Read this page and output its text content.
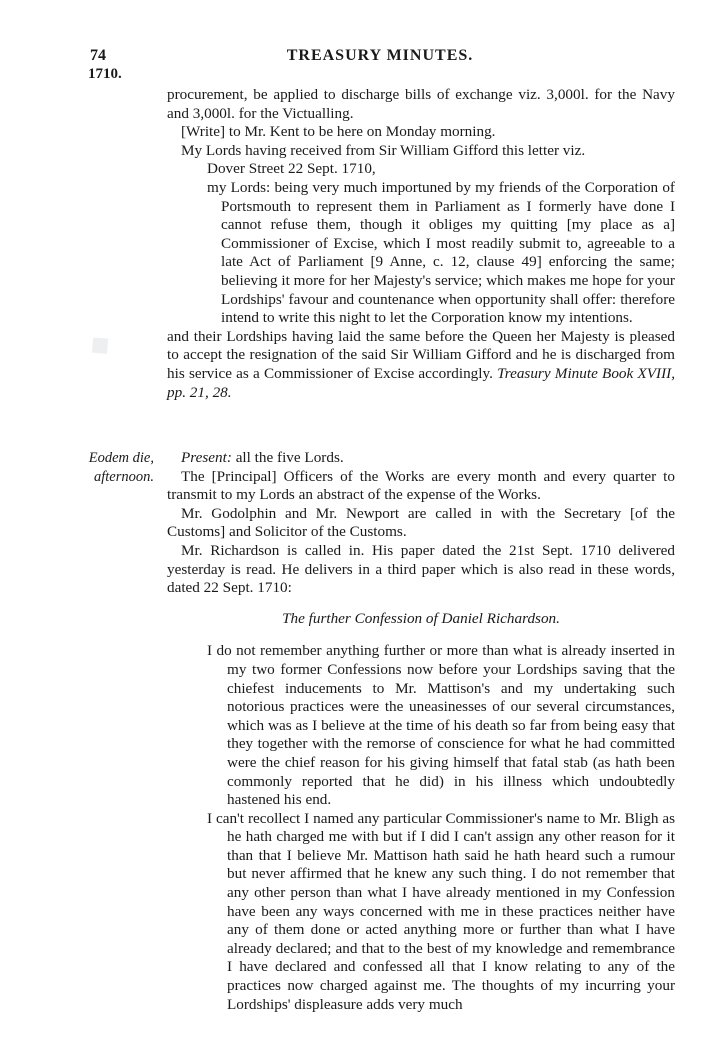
◆
74	TREASURY MINUTES.
1710.

procurement, be applied to discharge bills of exchange viz. 3,000l. for the Navy and 3,000l. for the Victualling.

[Write] to Mr. Kent to be here on Monday morning.

My Lords having received from Sir William Gifford this letter viz.

Dover Street 22 Sept. 1710,

my Lords: being very much importuned by my friends of the Corporation of Portsmouth to represent them in Parliament as I formerly have done I cannot refuse them, though it obliges my quitting [my place as a] Commissioner of Excise, which I most readily submit to, agreeable to a late Act of Parliament [9 Anne, c. 12, clause 49] enforcing the same; believing it more for her Majesty's service; which makes me hope for your Lordships' favour and countenance when opportunity shall offer: therefore intend to write this night to let the Corporation know my intentions.

and their Lordships having laid the same before the Queen her Majesty is pleased to accept the resignation of the said Sir William Gifford and he is discharged from his service as a Commissioner of Excise accordingly. Treasury Minute Book XVIII, pp. 21, 28.

Eodem die,
afternoon.

Present: all the five Lords.

The [Principal] Officers of the Works are every month and every quarter to transmit to my Lords an abstract of the expense of the Works.

Mr. Godolphin and Mr. Newport are called in with the Secretary [of the Customs] and Solicitor of the Customs.

Mr. Richardson is called in. His paper dated the 21st Sept. 1710 delivered yesterday is read. He delivers in a third paper which is also read in these words, dated 22 Sept. 1710:

The further Confession of Daniel Richardson.

I do not remember anything further or more than what is already inserted in my two former Confessions now before your Lordships saving that the chiefest inducements to Mr. Mattison's and my undertaking such notorious practices were the uneasinesses of our several circumstances, which was as I believe at the time of his death so far from being easy that they together with the remorse of conscience for what he had committed were the chief reason for his giving himself that fatal stab (as hath been commonly reported that he did) in his illness which undoubtedly hastened his end.

I can't recollect I named any particular Commissioner's name to Mr. Bligh as he hath charged me with but if I did I can't assign any other reason for it than that I believe Mr. Mattison hath said he hath heard such a rumour but never affirmed that he knew any such thing. I do not remember that any other person than what I have already mentioned in my Confession have been any ways concerned with me in these practices neither have any of them done or acted anything more or further than what I have already declared; and that to the best of my knowledge and remembrance I have declared and confessed all that I know relating to any of the practices now charged against me. The thoughts of my incurring your Lordships' displeasure adds very much
